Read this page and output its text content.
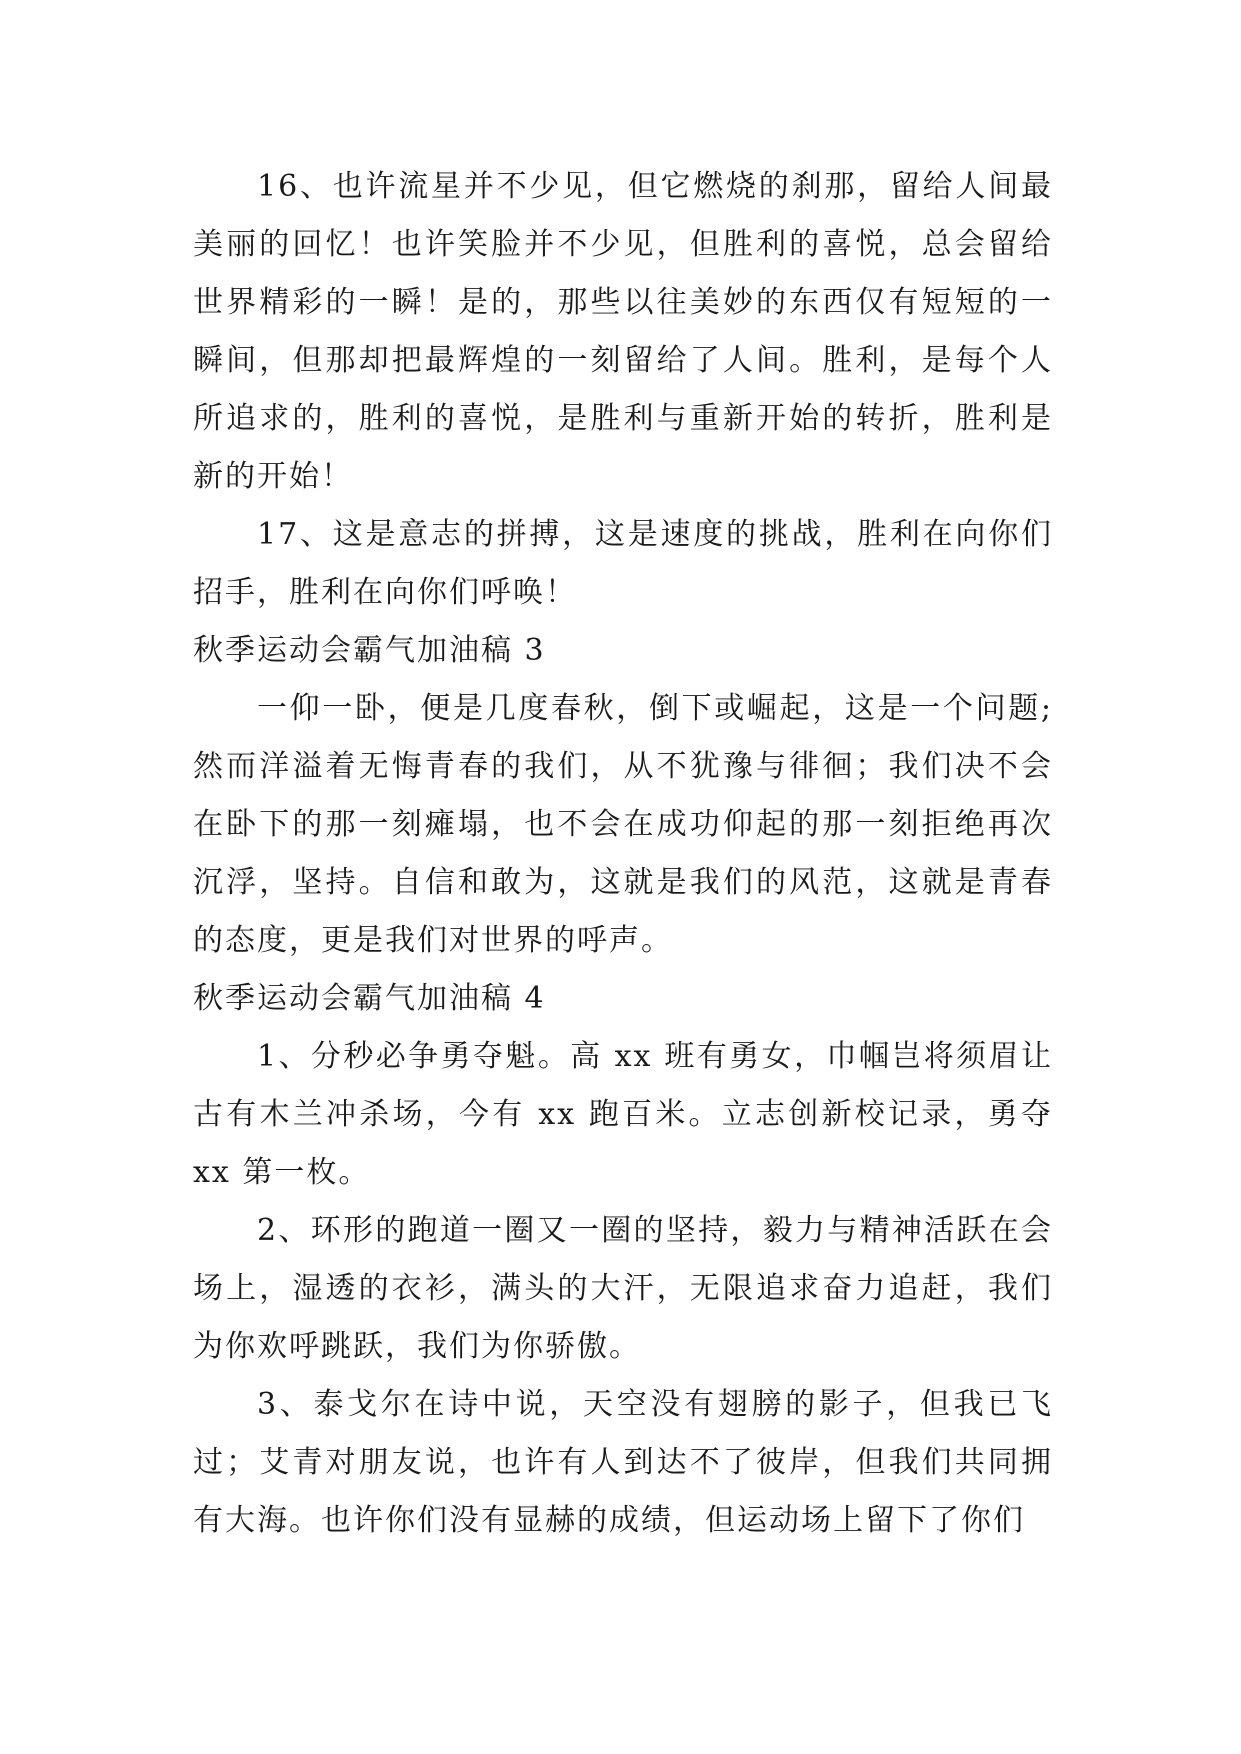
16、也许流星并不少见，但它燃烧的刹那，留给人间最美丽的回忆！也许笑脸并不少见，但胜利的喜悦，总会留给世界精彩的一瞬！是的，那些以往美妙的东西仅有短短的一瞬间，但那却把最辉煌的一刻留给了人间。胜利，是每个人所追求的，胜利的喜悦，是胜利与重新开始的转折，胜利是新的开始！

17、这是意志的拼搏，这是速度的挑战，胜利在向你们招手，胜利在向你们呼唤！

秋季运动会霸气加油稿 3

一仰一卧，便是几度春秋，倒下或崛起，这是一个问题;然而洋溢着无悔青春的我们，从不犹豫与徘徊；我们决不会在卧下的那一刻瘫塌，也不会在成功仰起的那一刻拒绝再次沉浮，坚持。自信和敢为，这就是我们的风范，这就是青春的态度，更是我们对世界的呼声。

秋季运动会霸气加油稿 4

1、分秒必争勇夺魁。高 xx 班有勇女，巾帼岂将须眉让古有木兰冲杀场，今有 xx 跑百米。立志创新校记录，勇夺 xx 第一枚。

2、环形的跑道一圈又一圈的坚持，毅力与精神活跃在会场上，湿透的衣衫，满头的大汗，无限追求奋力追赶，我们为你欢呼跳跃，我们为你骄傲。

3、泰戈尔在诗中说，天空没有翅膀的影子，但我已飞过；艾青对朋友说，也许有人到达不了彼岸，但我们共同拥有大海。也许你们没有显赫的成绩，但运动场上留下了你们
